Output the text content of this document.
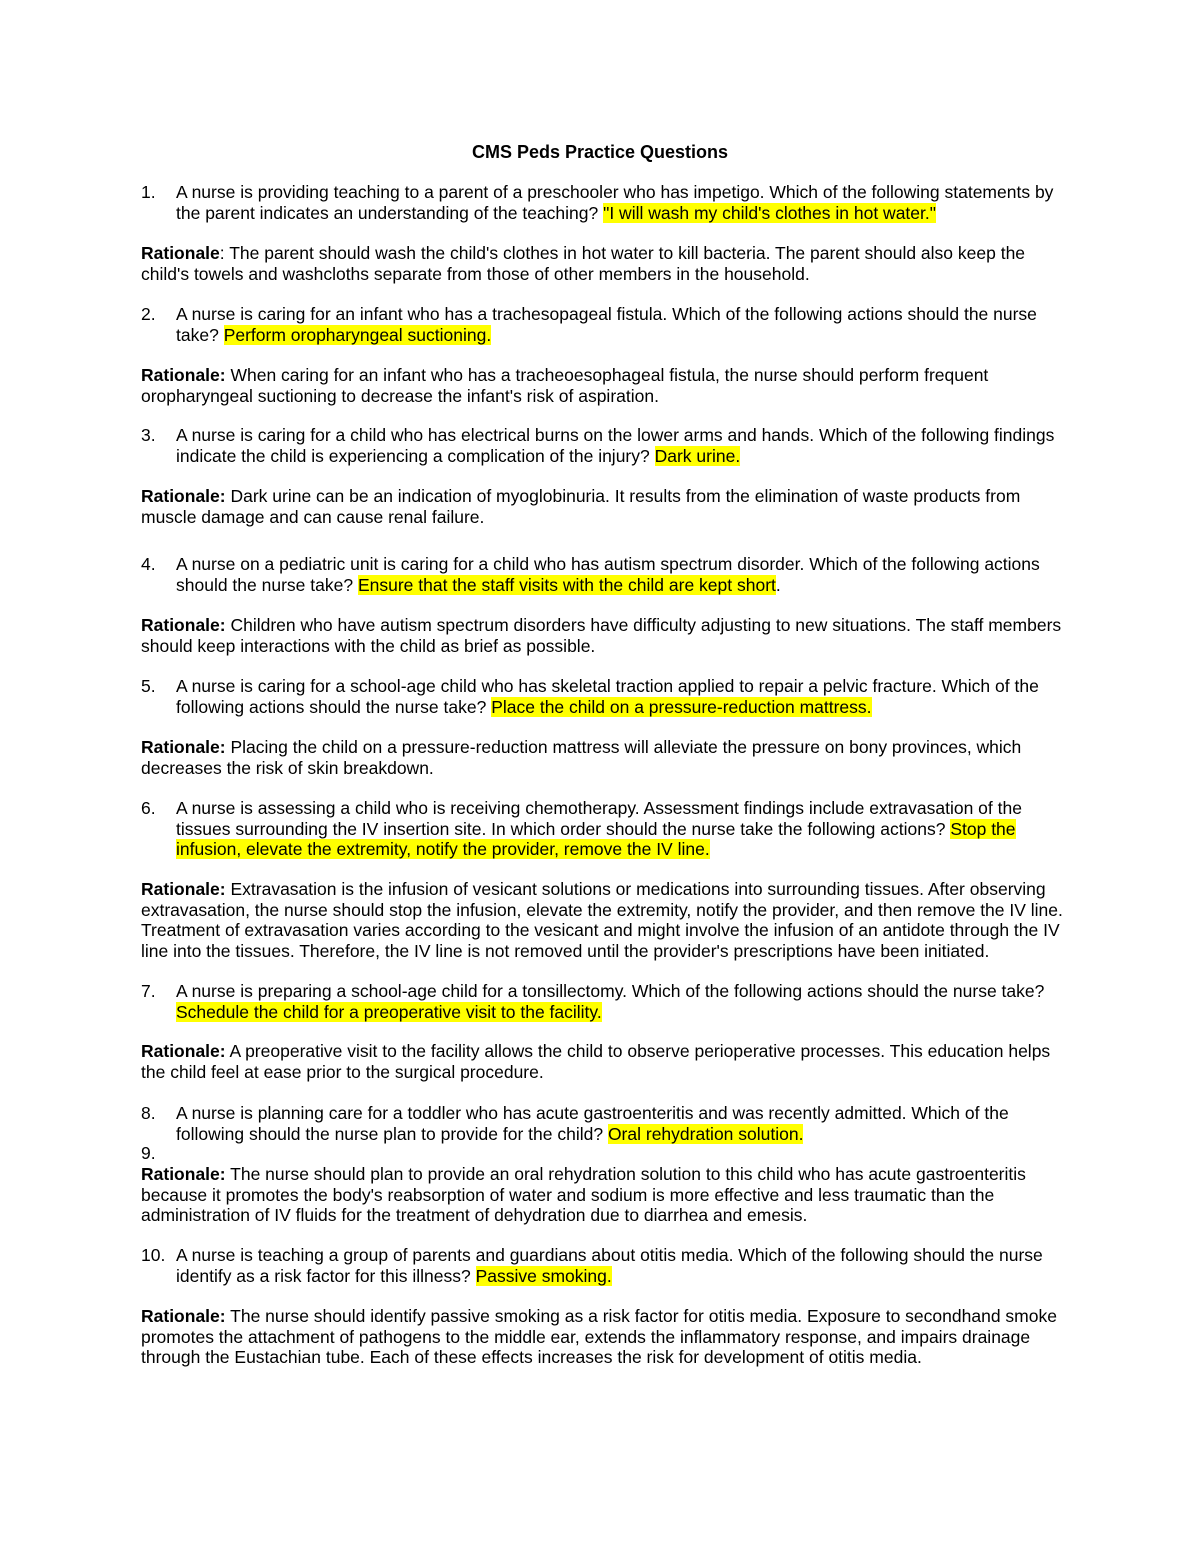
CMS Peds Practice Questions
1.	A nurse is providing teaching to a parent of a preschooler who has impetigo. Which of the following statements by the parent indicates an understanding of the teaching? "I will wash my child's clothes in hot water."
Rationale: The parent should wash the child's clothes in hot water to kill bacteria. The parent should also keep the child's towels and washcloths separate from those of other members in the household.
2.	A nurse is caring for an infant who has a trachesopageal fistula. Which of the following actions should the nurse take? Perform oropharyngeal suctioning.
Rationale: When caring for an infant who has a tracheoesophageal fistula, the nurse should perform frequent oropharyngeal suctioning to decrease the infant's risk of aspiration.
3.	A nurse is caring for a child who has electrical burns on the lower arms and hands. Which of the following findings indicate the child is experiencing a complication of the injury? Dark urine.
Rationale: Dark urine can be an indication of myoglobinuria. It results from the elimination of waste products from muscle damage and can cause renal failure.
4.	A nurse on a pediatric unit is caring for a child who has autism spectrum disorder. Which of the following actions should the nurse take? Ensure that the staff visits with the child are kept short.
Rationale: Children who have autism spectrum disorders have difficulty adjusting to new situations. The staff members should keep interactions with the child as brief as possible.
5.	A nurse is caring for a school-age child who has skeletal traction applied to repair a pelvic fracture. Which of the following actions should the nurse take? Place the child on a pressure-reduction mattress.
Rationale: Placing the child on a pressure-reduction mattress will alleviate the pressure on bony provinces, which decreases the risk of skin breakdown.
6.	A nurse is assessing a child who is receiving chemotherapy. Assessment findings include extravasation of the tissues surrounding the IV insertion site. In which order should the nurse take the following actions? Stop the infusion, elevate the extremity, notify the provider, remove the IV line.
Rationale: Extravasation is the infusion of vesicant solutions or medications into surrounding tissues. After observing extravasation, the nurse should stop the infusion, elevate the extremity, notify the provider, and then remove the IV line. Treatment of extravasation varies according to the vesicant and might involve the infusion of an antidote through the IV line into the tissues. Therefore, the IV line is not removed until the provider's prescriptions have been initiated.
7.	A nurse is preparing a school-age child for a tonsillectomy. Which of the following actions should the nurse take? Schedule the child for a preoperative visit to the facility.
Rationale: A preoperative visit to the facility allows the child to observe perioperative processes. This education helps the child feel at ease prior to the surgical procedure.
8.	A nurse is planning care for a toddler who has acute gastroenteritis and was recently admitted. Which of the following should the nurse plan to provide for the child? Oral rehydration solution.
9.
Rationale: The nurse should plan to provide an oral rehydration solution to this child who has acute gastroenteritis because it promotes the body's reabsorption of water and sodium is more effective and less traumatic than the administration of IV fluids for the treatment of dehydration due to diarrhea and emesis.
10. A nurse is teaching a group of parents and guardians about otitis media. Which of the following should the nurse identify as a risk factor for this illness? Passive smoking.
Rationale: The nurse should identify passive smoking as a risk factor for otitis media. Exposure to secondhand smoke promotes the attachment of pathogens to the middle ear, extends the inflammatory response, and impairs drainage through the Eustachian tube. Each of these effects increases the risk for development of otitis media.
